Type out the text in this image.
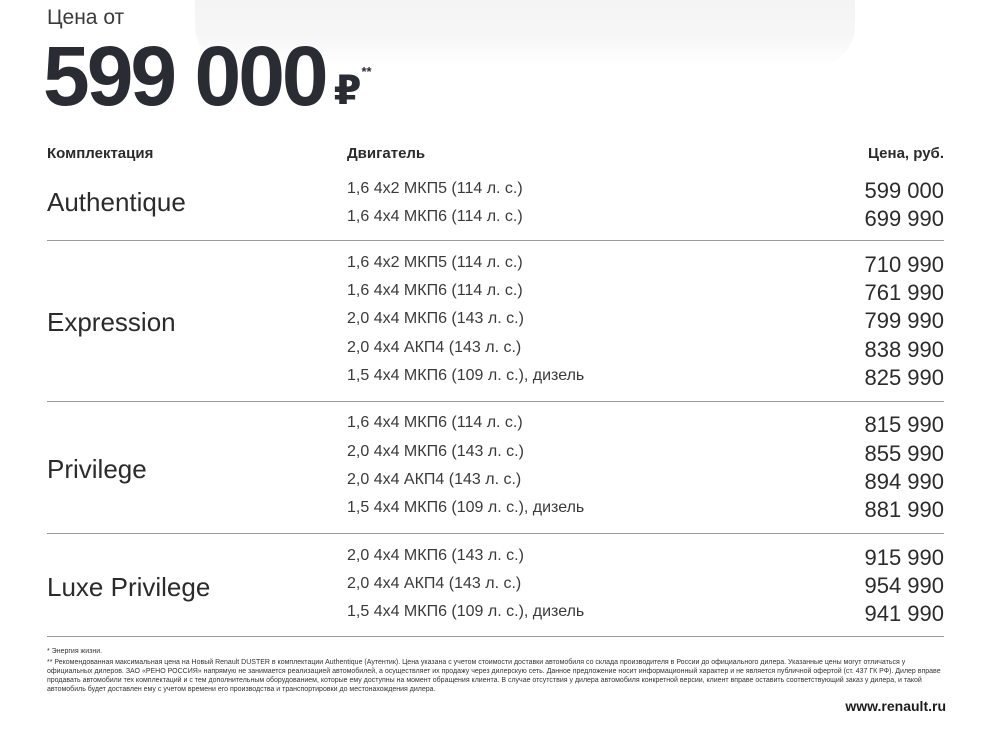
Цена от
599 000 ₽ **
Комплектация	Двигатель	Цена, руб.
Authentique	1,6 4x2 МКП5 (114 л. с.)	599 000
1,6 4x4 МКП6 (114 л. с.)	699 990
Expression
1,6 4x2 МКП5 (114 л. с.)	710 990
1,6 4x4 МКП6 (114 л. с.)	761 990
2,0 4x4 МКП6 (143 л. с.)	799 990
2,0 4x4 АКП4 (143 л. с.)	838 990
1,5 4x4 МКП6 (109 л. с.), дизель	825 990
Privilege
1,6 4x4 МКП6 (114 л. с.)	815 990
2,0 4x4 МКП6 (143 л. с.)	855 990
2,0 4x4 АКП4 (143 л. с.)	894 990
1,5 4x4 МКП6 (109 л. с.), дизель	881 990
Luxe Privilege
2,0 4x4 МКП6 (143 л. с.)	915 990
2,0 4x4 АКП4 (143 л. с.)	954 990
1,5 4x4 МКП6 (109 л. с.), дизель	941 990

* Энергия жизни.

** Рекомендованная максимальная цена на Новый Renault DUSTER в комплектации Authentique (Аутентик). Цена указана с учетом стоимости доставки автомобиля со склада производителя в России до официального дилера. Указанные цены могут отличаться у официальных дилеров. ЗАО «РЕНО РОССИЯ» напрямую не занимается реализацией автомобилей, а осуществляет их продажу через дилерскую сеть. Данное предложение носит информационный характер и не является публичной офертой (ст. 437 ГК РФ). Дилер вправе продавать автомобили тех комплектаций и с тем дополнительным оборудованием, которые ему доступны на момент обращения клиента. В случае отсутствия у дилера автомобиля конкретной версии, клиент вправе оставить соответствующий заказ у дилера, и такой автомобиль будет доставлен ему с учетом времени его производства и транспортировки до местонахождения дилера.

www.renault.ru
